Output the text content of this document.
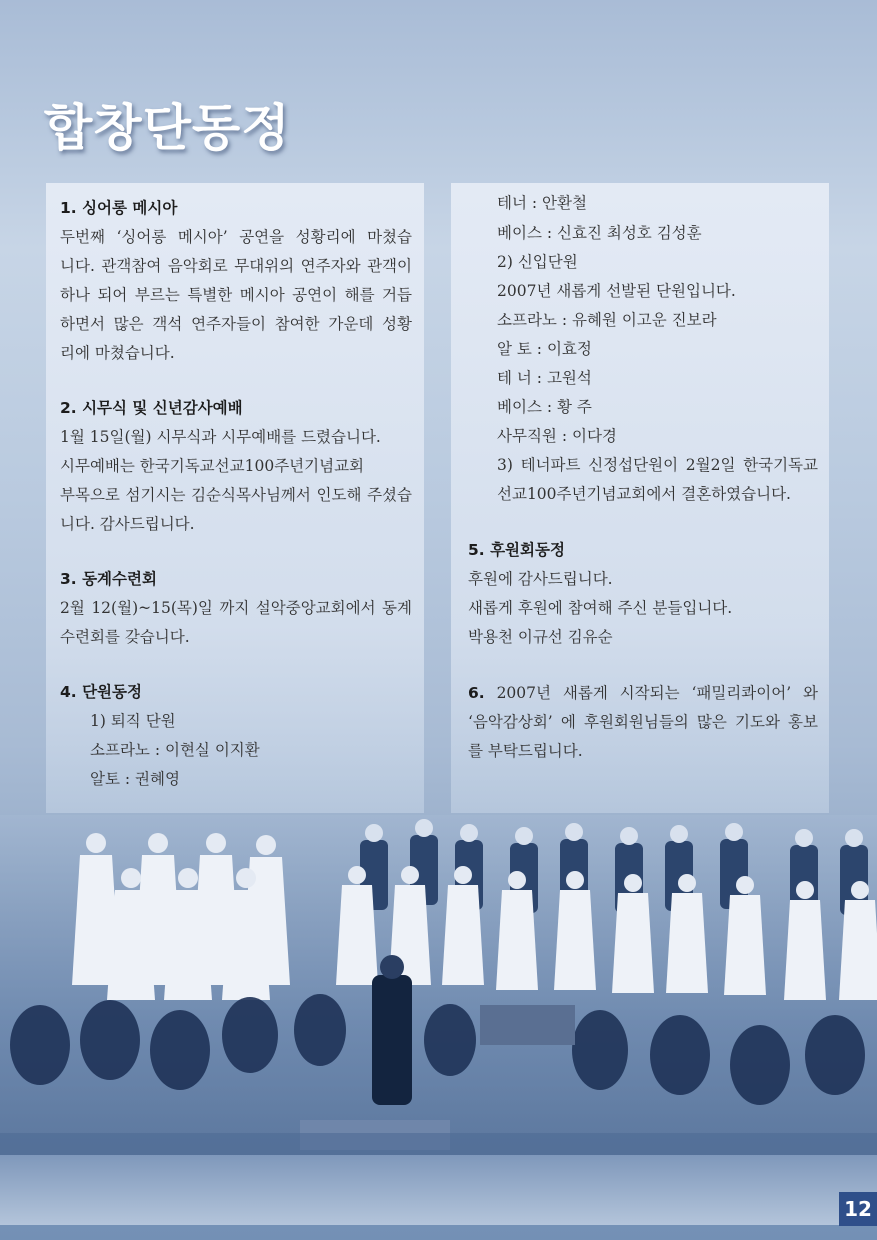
합창단동정
1. 싱어롱 메시아
두번째 ‘싱어롱 메시아’ 공연을 성황리에 마쳤습
니다. 관객참여 음악회로 무대위의 연주자와 관객이
하나 되어 부르는 특별한 메시아 공연이 해를 거듭
하면서 많은 객석 연주자들이 참여한 가운데 성황
리에 마쳤습니다.
2. 시무식 및 신년감사예배
1월 15일(월) 시무식과 시무예배를 드렸습니다.
시무예배는 한국기독교선교100주년기념교회
부목으로 섬기시는 김순식목사님께서 인도해 주셨습
니다. 감사드립니다.
3. 동계수련회
2월 12(월)~15(목)일 까지 설악중앙교회에서 동계
수련회를 갖습니다.
4. 단원동정
1) 퇴직 단원
소프라노 : 이현실 이지환
알토 : 권혜영
테너 : 안환철
베이스 : 신효진 최성호 김성훈
2) 신입단원
2007년 새롭게 선발된 단원입니다.
소프라노 : 유혜원 이고운 진보라
알 토 : 이효정
테 너 : 고원석
베이스 : 황 주
사무직원 : 이다경
3) 테너파트 신정섭단원이 2월2일 한국기독교
선교100주년기념교회에서 결혼하였습니다.
5. 후원회동정
후원에 감사드립니다.
새롭게 후원에 참여해 주신 분들입니다.
박용천 이규선 김유순
6. 2007년 새롭게 시작되는 ‘패밀리콰이어’ 와
‘음악감상회’ 에 후원회원님들의 많은 기도와 홍보
를 부탁드립니다.
12
